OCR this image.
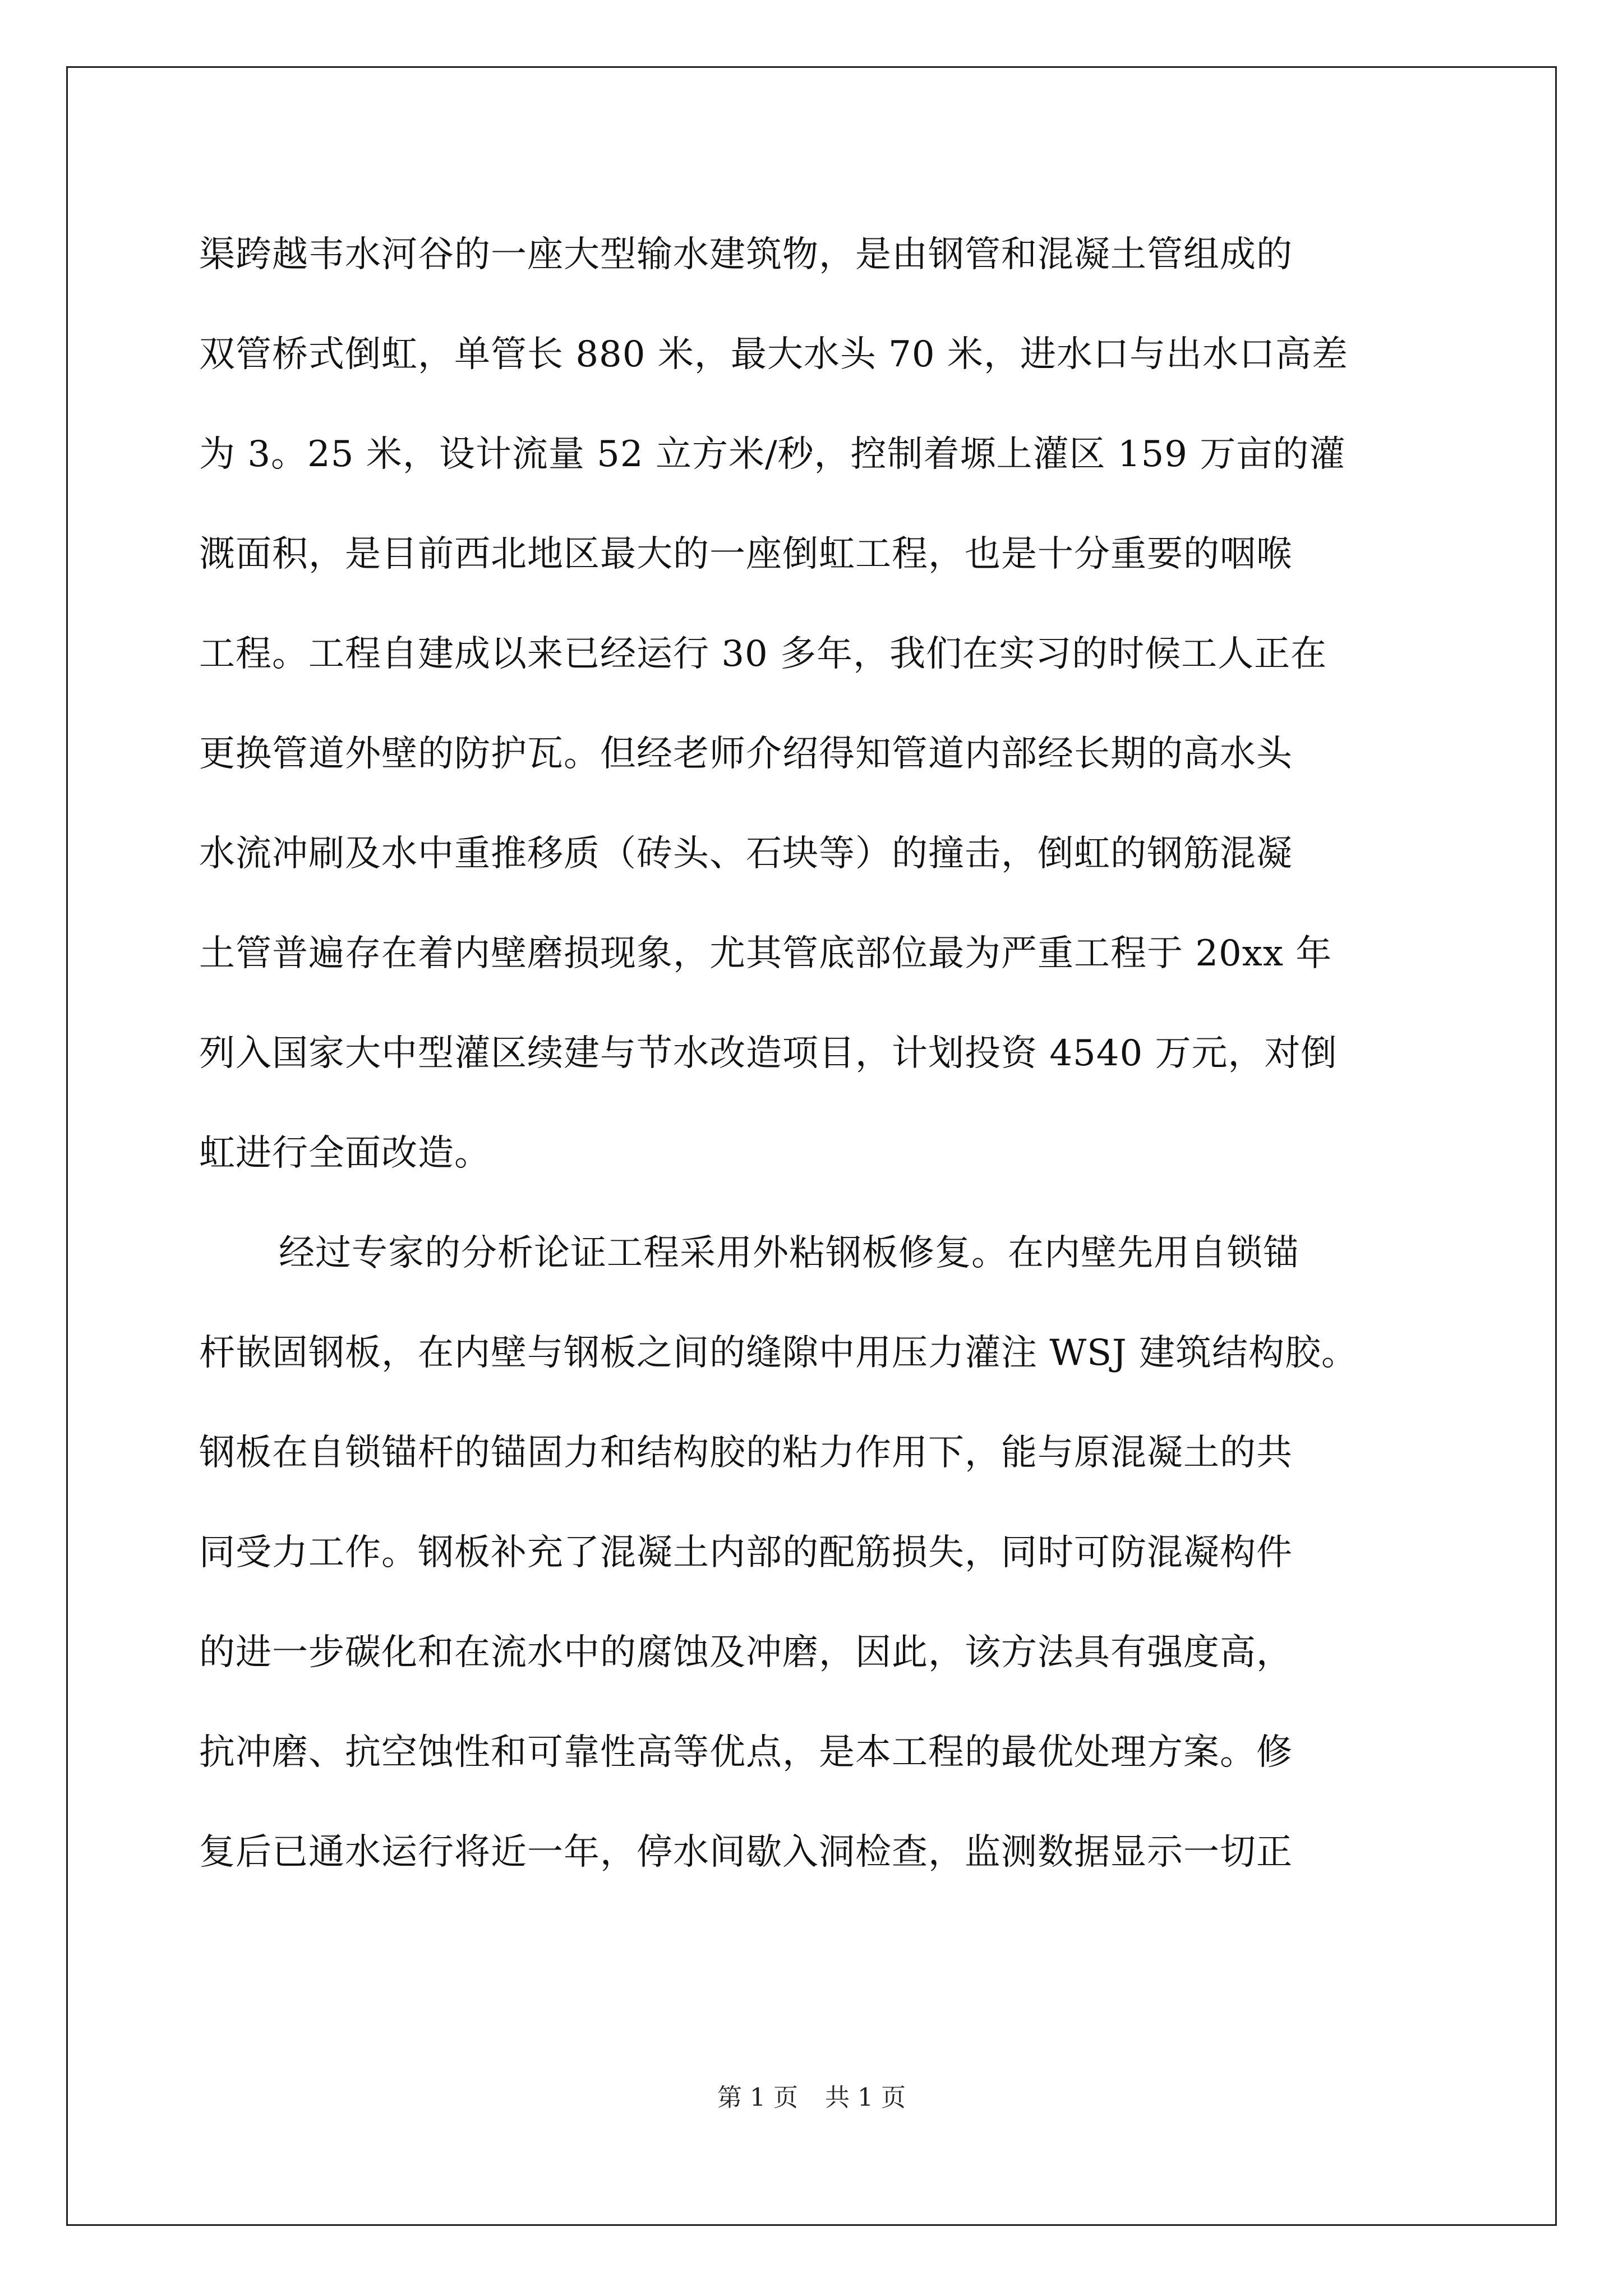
渠跨越韦水河谷的一座大型输水建筑物，是由钢管和混凝土管组成的
双管桥式倒虹，单管长 880 米，最大水头 70 米，进水口与出水口高差
为 3。25 米，设计流量 52 立方米/秒，控制着塬上灌区 159 万亩的灌
溉面积，是目前西北地区最大的一座倒虹工程，也是十分重要的咽喉
工程。工程自建成以来已经运行 30 多年，我们在实习的时候工人正在
更换管道外壁的防护瓦。但经老师介绍得知管道内部经长期的高水头
水流冲刷及水中重推移质（砖头、石块等）的撞击，倒虹的钢筋混凝
土管普遍存在着内壁磨损现象，尤其管底部位最为严重工程于 20xx 年
列入国家大中型灌区续建与节水改造项目，计划投资 4540 万元，对倒
虹进行全面改造。
经过专家的分析论证工程采用外粘钢板修复。在内壁先用自锁锚
杆嵌固钢板，在内壁与钢板之间的缝隙中用压力灌注 WSJ 建筑结构胶。
钢板在自锁锚杆的锚固力和结构胶的粘力作用下，能与原混凝土的共
同受力工作。钢板补充了混凝土内部的配筋损失，同时可防混凝构件
的进一步碳化和在流水中的腐蚀及冲磨，因此，该方法具有强度高，
抗冲磨、抗空蚀性和可靠性高等优点，是本工程的最优处理方案。修
复后已通水运行将近一年，停水间歇入洞检查，监测数据显示一切正
第 1 页 共 1 页
